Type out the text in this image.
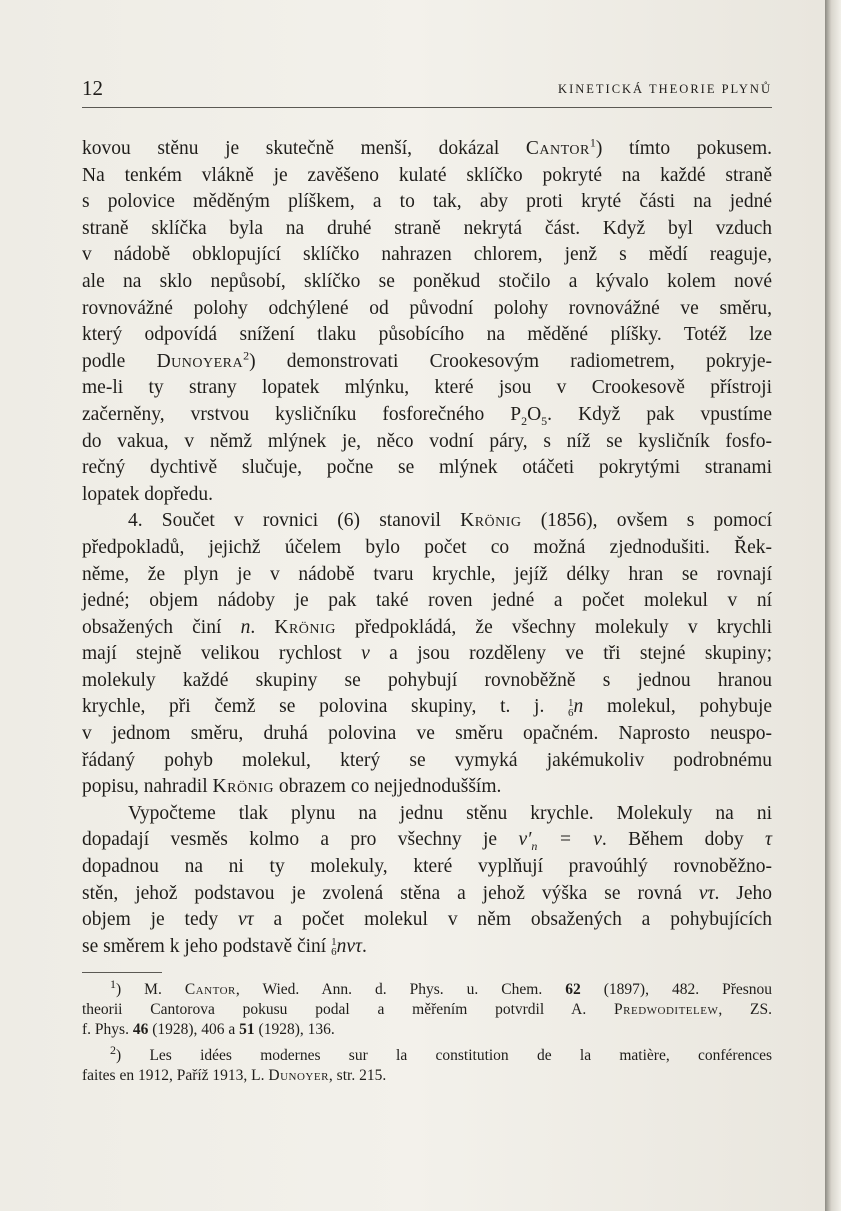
12	KINETICKÁ THEORIE PLYNŮ

kovou stěnu je skutečně menší, dokázal Cantor$^1$) tímto pokusem.

Na tenkém vlákně je zavěšeno kulaté sklíčko pokryté na každé straně

s polovice měděným plíškem, a to tak, aby proti kryté části na jedné

straně sklíčka byla na druhé straně nekrytá část. Když byl vzduch

v nádobě obklopující sklíčko nahrazen chlorem, jenž s mědí reaguje,

ale na sklo nepůsobí, sklíčko se poněkud stočilo a kývalo kolem nové

rovnovážné polohy odchýlené od původní polohy rovnovážné ve směru,

který odpovídá snížení tlaku působícího na měděné plíšky. Totéž lze

podle Dunoyera$^2$) demonstrovati Crookesovým radiometrem, pokryje-

me-li ty strany lopatek mlýnku, které jsou v Crookesově přístroji

začerněny, vrstvou kysličníku fosforečného $P_2O_5$. Když pak vpustíme

do vakua, v němž mlýnek je, něco vodní páry, s níž se kysličník fosfo-

rečný dychtivě slučuje, počne se mlýnek otáčeti pokrytými stranami

lopatek dopředu.

4. Součet v rovnici (6) stanovil Krönig (1856), ovšem s pomocí

předpokladů, jejichž účelem bylo počet co možná zjednodušiti. Řek-

něme, že plyn je v nádobě tvaru krychle, jejíž délky hran se rovnají

jedné; objem nádoby je pak také roven jedné a počet molekul v ní

obsažených činí n. Krönig předpokládá, že všechny molekuly v krychli

mají stejně velikou rychlost v a jsou rozděleny ve tři stejné skupiny;

molekuly každé skupiny se pohybují rovnoběžně s jednou hranou

krychle, při čemž se polovina skupiny, t. j. 1
6n molekul, pohybuje

v jednom směru, druhá polovina ve směru opačném. Naprosto neuspo-

řádaný pohyb molekul, který se vymyká jakémukoliv podrobnému

popisu, nahradil Krönig obrazem co nejjednodušším.

Vypočteme tlak plynu na jednu stěnu krychle. Molekuly na ni

dopadají vesměs kolmo a pro všechny je $v'_n = v$. Během doby τ

dopadnou na ni ty molekuly, které vyplňují pravoúhlý rovnoběžno-

stěn, jehož podstavou je zvolená stěna a jehož výška se rovná vτ. Jeho

objem je tedy vτ a počet molekul v něm obsažených a pohybujících

se směrem k jeho podstavě činí 1
6nvτ.

$^1$) M. Cantor, Wied. Ann. d. Phys. u. Chem. 62 (1897), 482. Přesnou
theorii Cantorova pokusu podal a měřením potvrdil A. Predwoditelew, ZS.

f. Phys. 46 (1928), 406 a 51 (1928), 136.

$^2$) Les idées modernes sur la constitution de la matière, conférences

faites en 1912, Paříž 1913, L. Dunoyer, str. 215.
